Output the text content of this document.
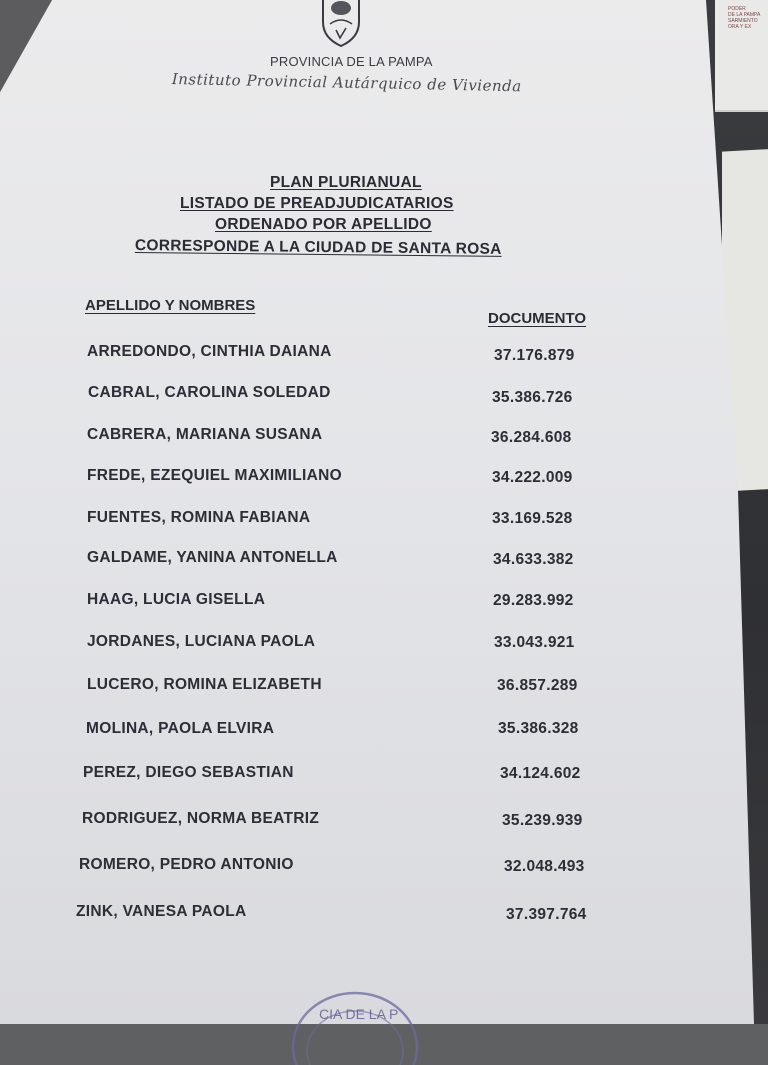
PODER
DE LA PAMPA
SARMIENTO
ORA Y EX
PROVINCIA DE LA PAMPA
Instituto Provincial Autárquico de Vivienda
PLAN PLURIANUAL
LISTADO DE PREADJUDICATARIOS
ORDENADO POR APELLIDO
CORRESPONDE A LA CIUDAD DE SANTA ROSA
APELLIDO Y NOMBRES
DOCUMENTO
ARREDONDO, CINTHIA DAIANA	37.176.879
CABRAL, CAROLINA SOLEDAD	35.386.726
CABRERA, MARIANA SUSANA	36.284.608
FREDE, EZEQUIEL MAXIMILIANO	34.222.009
FUENTES, ROMINA FABIANA	33.169.528
GALDAME, YANINA ANTONELLA	34.633.382
HAAG, LUCIA GISELLA	29.283.992
JORDANES, LUCIANA PAOLA	33.043.921
LUCERO, ROMINA ELIZABETH	36.857.289
MOLINA, PAOLA ELVIRA	35.386.328
PEREZ, DIEGO SEBASTIAN	34.124.602
RODRIGUEZ, NORMA BEATRIZ	35.239.939
ROMERO, PEDRO ANTONIO	32.048.493
ZINK, VANESA PAOLA	37.397.764
CIA DE LA P
